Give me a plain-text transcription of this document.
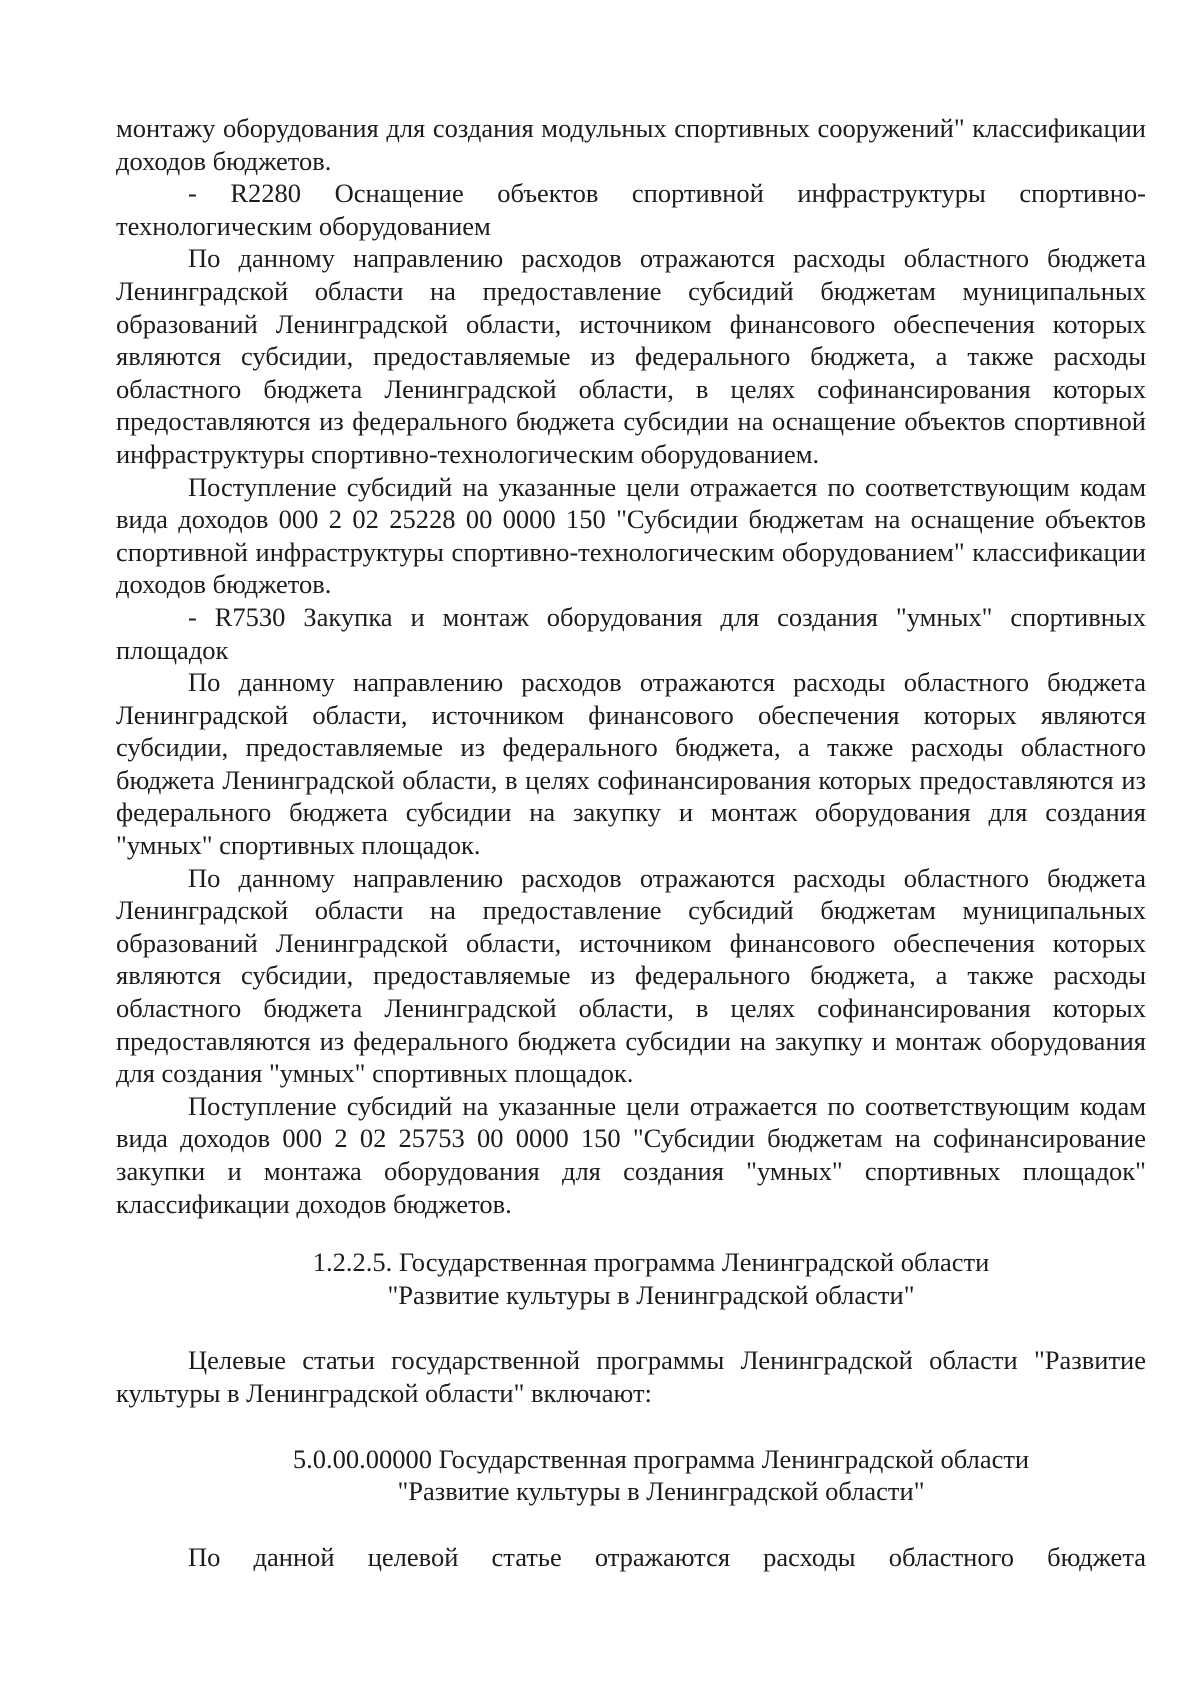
монтажу оборудования для создания модульных спортивных сооружений" классификации доходов бюджетов.

- R2280 Оснащение объектов спортивной инфраструктуры спортивно-технологическим оборудованием

По данному направлению расходов отражаются расходы областного бюджета Ленинградской области на предоставление субсидий бюджетам муниципальных образований Ленинградской области, источником финансового обеспечения которых являются субсидии, предоставляемые из федерального бюджета, а также расходы областного бюджета Ленинградской области, в целях софинансирования которых предоставляются из федерального бюджета субсидии на оснащение объектов спортивной инфраструктуры спортивно-технологическим оборудованием.

Поступление субсидий на указанные цели отражается по соответствующим кодам вида доходов 000 2 02 25228 00 0000 150 "Субсидии бюджетам на оснащение объектов спортивной инфраструктуры спортивно-технологическим оборудованием" классификации доходов бюджетов.

- R7530 Закупка и монтаж оборудования для создания "умных" спортивных площадок

По данному направлению расходов отражаются расходы областного бюджета Ленинградской области, источником финансового обеспечения которых являются субсидии, предоставляемые из федерального бюджета, а также расходы областного бюджета Ленинградской области, в целях софинансирования которых предоставляются из федерального бюджета субсидии на закупку и монтаж оборудования для создания "умных" спортивных площадок.

По данному направлению расходов отражаются расходы областного бюджета Ленинградской области на предоставление субсидий бюджетам муниципальных образований Ленинградской области, источником финансового обеспечения которых являются субсидии, предоставляемые из федерального бюджета, а также расходы областного бюджета Ленинградской области, в целях софинансирования которых предоставляются из федерального бюджета субсидии на закупку и монтаж оборудования для создания "умных" спортивных площадок.

Поступление субсидий на указанные цели отражается по соответствующим кодам вида доходов 000 2 02 25753 00 0000 150 "Субсидии бюджетам на софинансирование закупки и монтажа оборудования для создания "умных" спортивных площадок" классификации доходов бюджетов.

1.2.2.5. Государственная программа Ленинградской области
"Развитие культуры в Ленинградской области"

Целевые статьи государственной программы Ленинградской области "Развитие культуры в Ленинградской области" включают:

5.0.00.00000 Государственная программа Ленинградской области
"Развитие культуры в Ленинградской области"

По данной целевой статье отражаются расходы областного бюджета
